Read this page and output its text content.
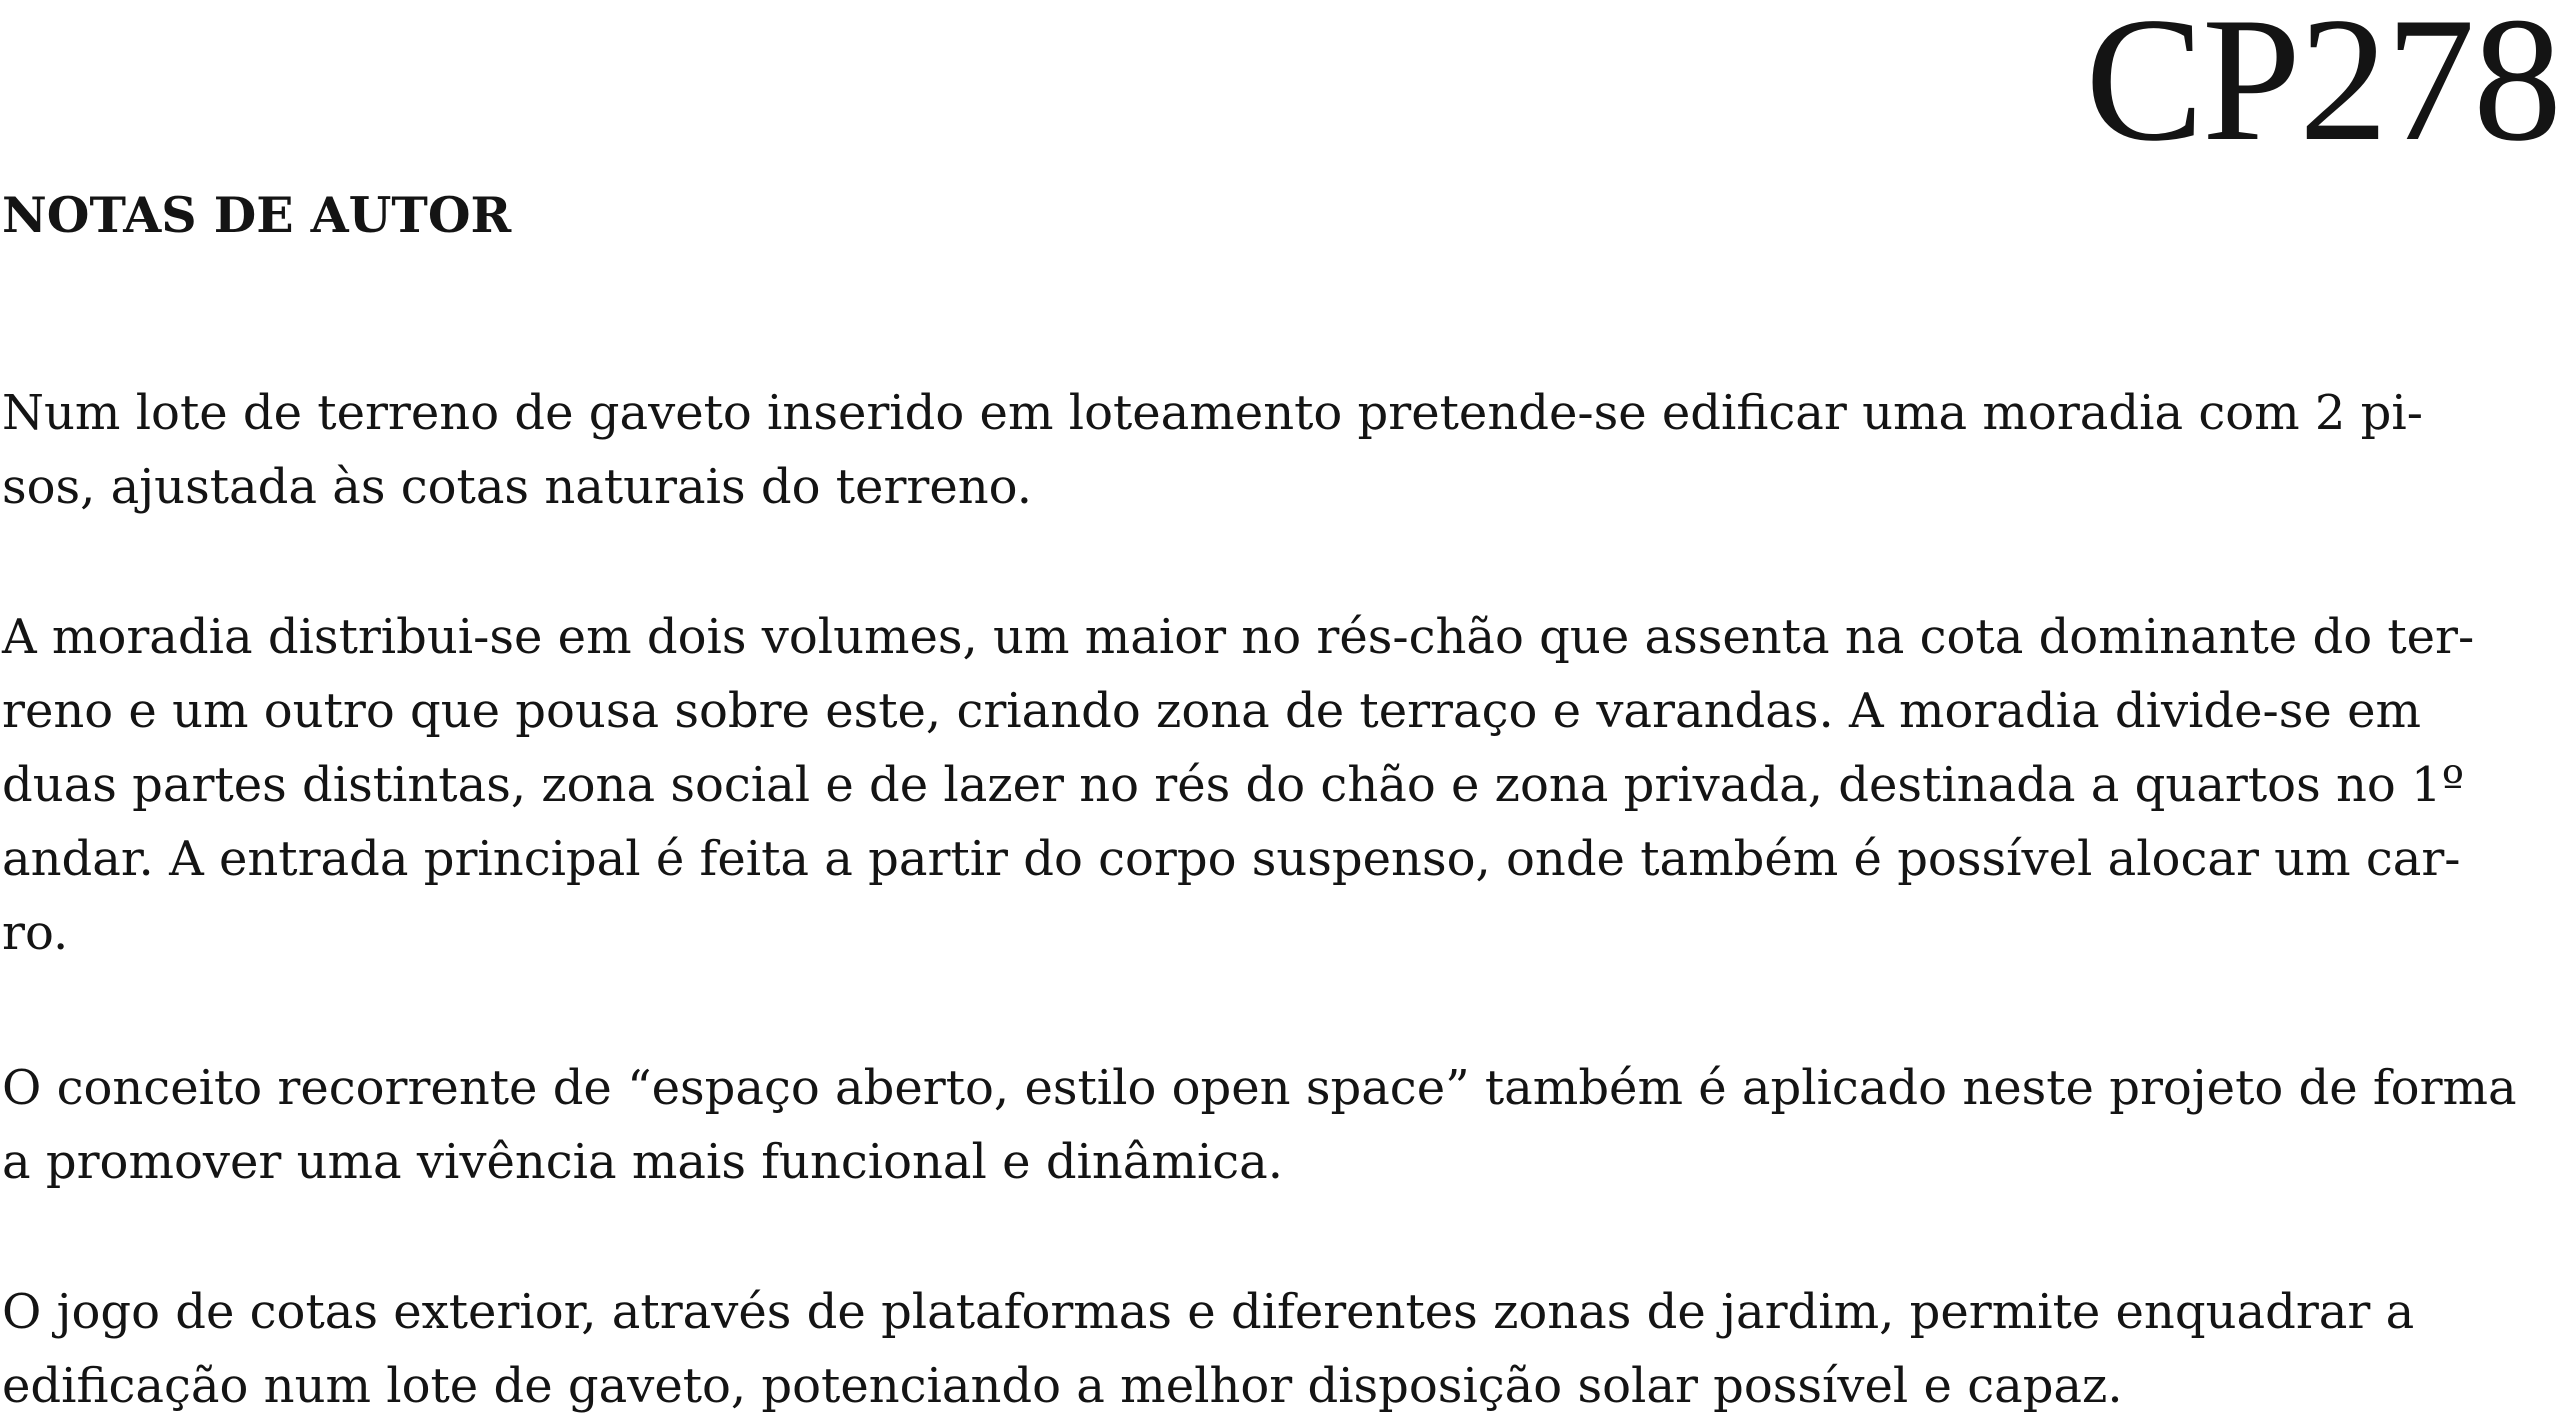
CP278
NOTAS DE AUTOR

Num lote de terreno de gaveto inserido em loteamento pretende-se edificar uma moradia com 2 pi-
sos, ajustada às cotas naturais do terreno.

A moradia distribui-se em dois volumes, um maior no rés-chão que assenta na cota dominante do ter-
reno e um outro que pousa sobre este, criando zona de terraço e varandas. A moradia divide-se em
duas partes distintas, zona social e de lazer no rés do chão e zona privada, destinada a quartos no 1º
andar. A entrada principal é feita a partir do corpo suspenso, onde também é possível alocar um car-
ro.

O conceito recorrente de “espaço aberto, estilo open space” também é aplicado neste projeto de forma
a promover uma vivência mais funcional e dinâmica.

O jogo de cotas exterior, através de plataformas e diferentes zonas de jardim, permite enquadrar a
edificação num lote de gaveto, potenciando a melhor disposição solar possível e capaz.
